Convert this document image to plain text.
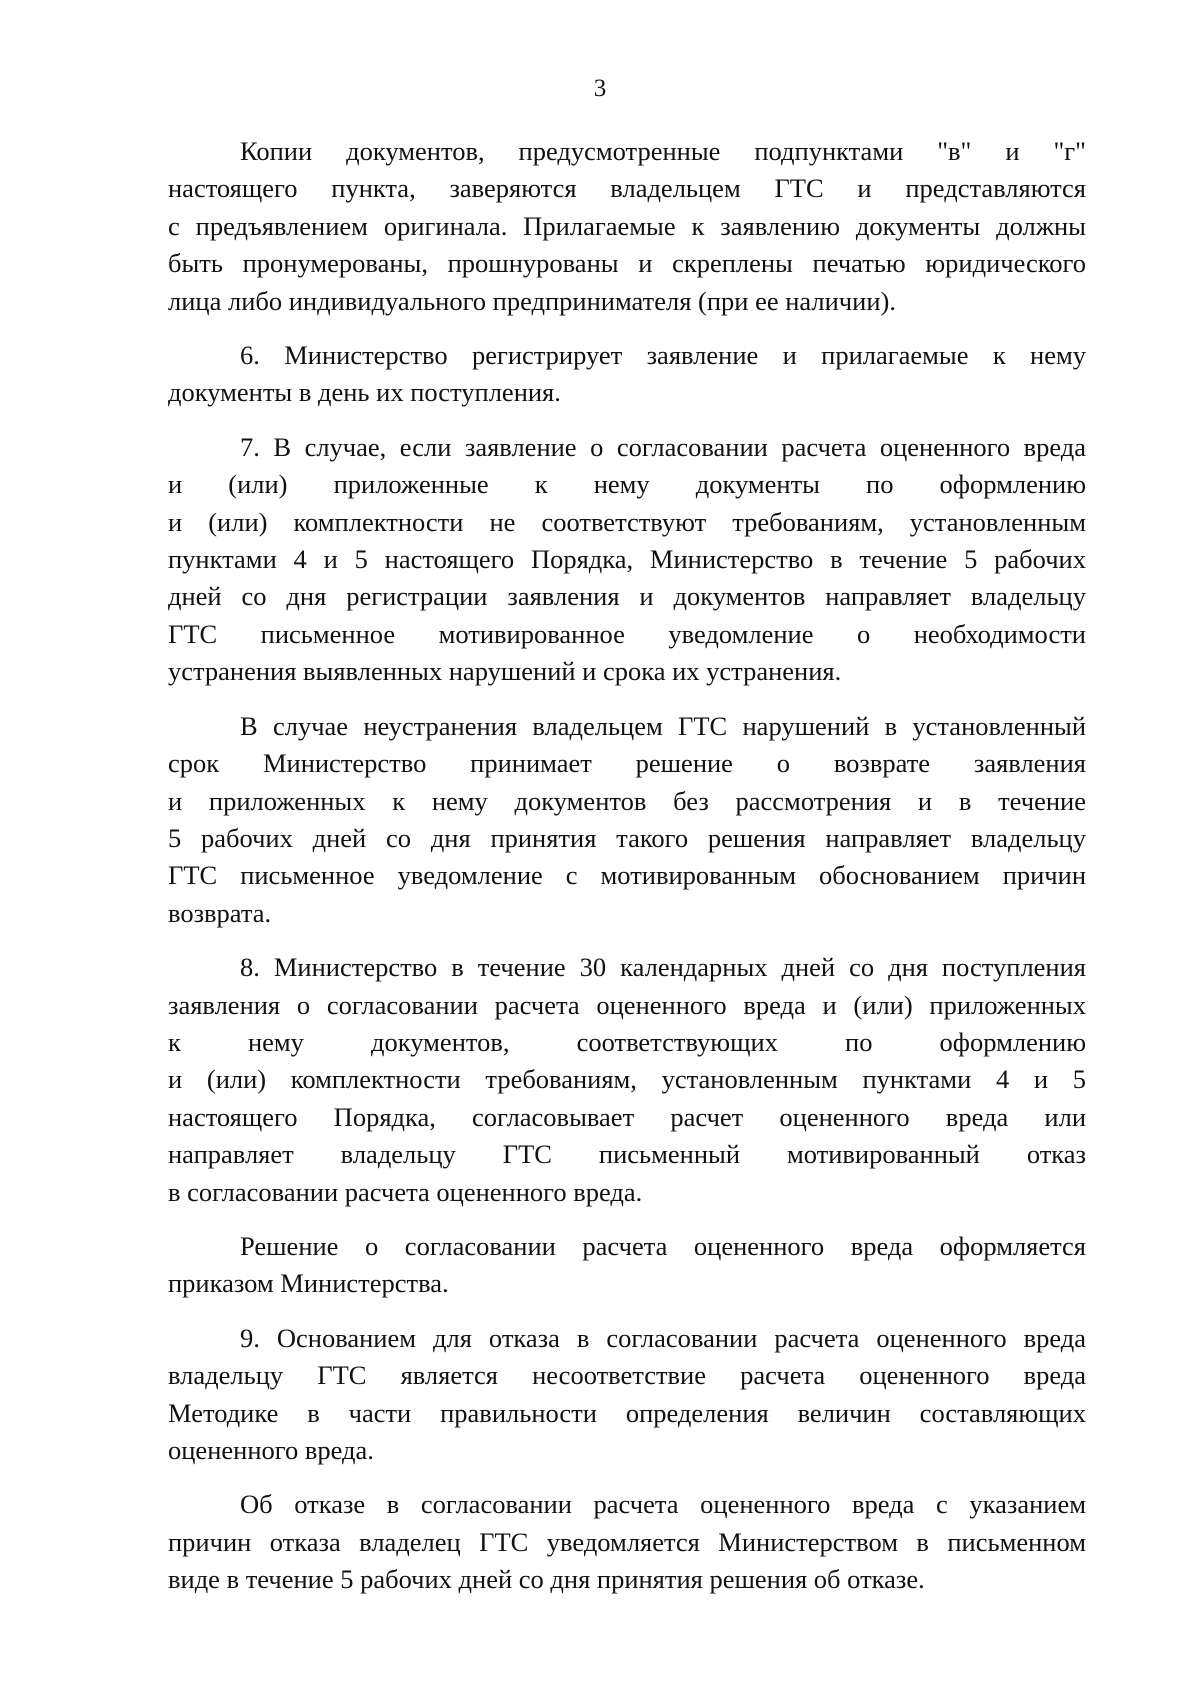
3
Копии документов, предусмотренные подпунктами "в" и "г"
настоящего пункта, заверяются владельцем ГТС и представляются
с предъявлением оригинала. Прилагаемые к заявлению документы должны
быть пронумерованы, прошнурованы и скреплены печатью юридического
лица либо индивидуального предпринимателя (при ее наличии).
6. Министерство регистрирует заявление и прилагаемые к нему
документы в день их поступления.
7. В случае, если заявление о согласовании расчета оцененного вреда
и (или) приложенные к нему документы по оформлению
и (или) комплектности не соответствуют требованиям, установленным
пунктами 4 и 5 настоящего Порядка, Министерство в течение 5 рабочих
дней со дня регистрации заявления и документов направляет владельцу
ГТС письменное мотивированное уведомление о необходимости
устранения выявленных нарушений и срока их устранения.
В случае неустранения владельцем ГТС нарушений в установленный
срок Министерство принимает решение о возврате заявления
и приложенных к нему документов без рассмотрения и в течение
5 рабочих дней со дня принятия такого решения направляет владельцу
ГТС письменное уведомление с мотивированным обоснованием причин
возврата.
8. Министерство в течение 30 календарных дней со дня поступления
заявления о согласовании расчета оцененного вреда и (или) приложенных
к нему документов, соответствующих по оформлению
и (или) комплектности требованиям, установленным пунктами 4 и 5
настоящего Порядка, согласовывает расчет оцененного вреда или
направляет владельцу ГТС письменный мотивированный отказ
в согласовании расчета оцененного вреда.
Решение о согласовании расчета оцененного вреда оформляется
приказом Министерства.
9. Основанием для отказа в согласовании расчета оцененного вреда
владельцу ГТС является несоответствие расчета оцененного вреда
Методике в части правильности определения величин составляющих
оцененного вреда.
Об отказе в согласовании расчета оцененного вреда с указанием
причин отказа владелец ГТС уведомляется Министерством в письменном
виде в течение 5 рабочих дней со дня принятия решения об отказе.
